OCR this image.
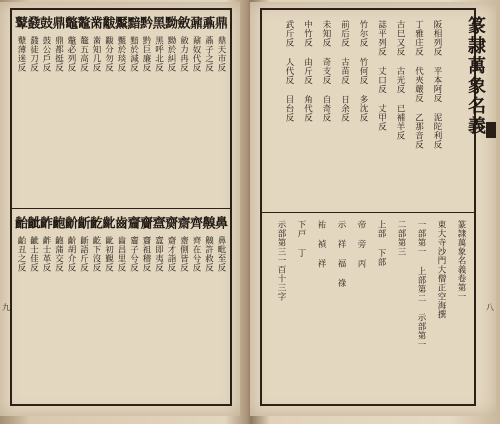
鼎
鼎天市反
鼒
鼒子之反
鼐
鼐奴代反
斂
斂力冉反
黝
黝於糾反
黑
黑呼北反
黔
黔巨廉反
黯
黯於減反
黶
黶於琰反
黻
黻分勿反
黹
黹知几反
鼇
鼇五高反
鼈
鼈必列反
鼎
鼎都挺反
鼓
鼓公戶反
鼗
鼗徒刀反
鼙
鼙薄迷反
鼻
鼻毗至反
齅
齅許救反
齊
齊在兮反
齋
齋側皆反
齌
齌才詣反
齍
齍即夷反
齎
齎祖稽反
齏
齏子兮反
齒
齒昌里反
齔
齔初覲反
齕
齕下沒反
齗
齗語斤反
齘
齘胡介反
齙
齙蒲交反
齚
齚士革反
齜
齜士佳反
齝
齝丑之反
九
阪相列反 平本阿反 泥陀利反
丁雅庄反 代夾嚴反 乙那音反
古巳又反 古光反 已補羊反
誌平列反 丈口反 丈甲反
竹尔反 竹何反 多沈反
前后反 古苗反 日余反
未知反 奇支反 自奇反
中竹反 由斤反 角代反
武斤反 人代反 目台反
篆隷萬象名義卷第一
東大寺沙門大僧正空海撰
一部第一 上部第二 示部第一
二部第三
上部 下部
帝 旁 丙
示 祥 福 祿
祐 禎 祥
下戸 丁
示部第三一百十三字
篆隷萬象名義
八
